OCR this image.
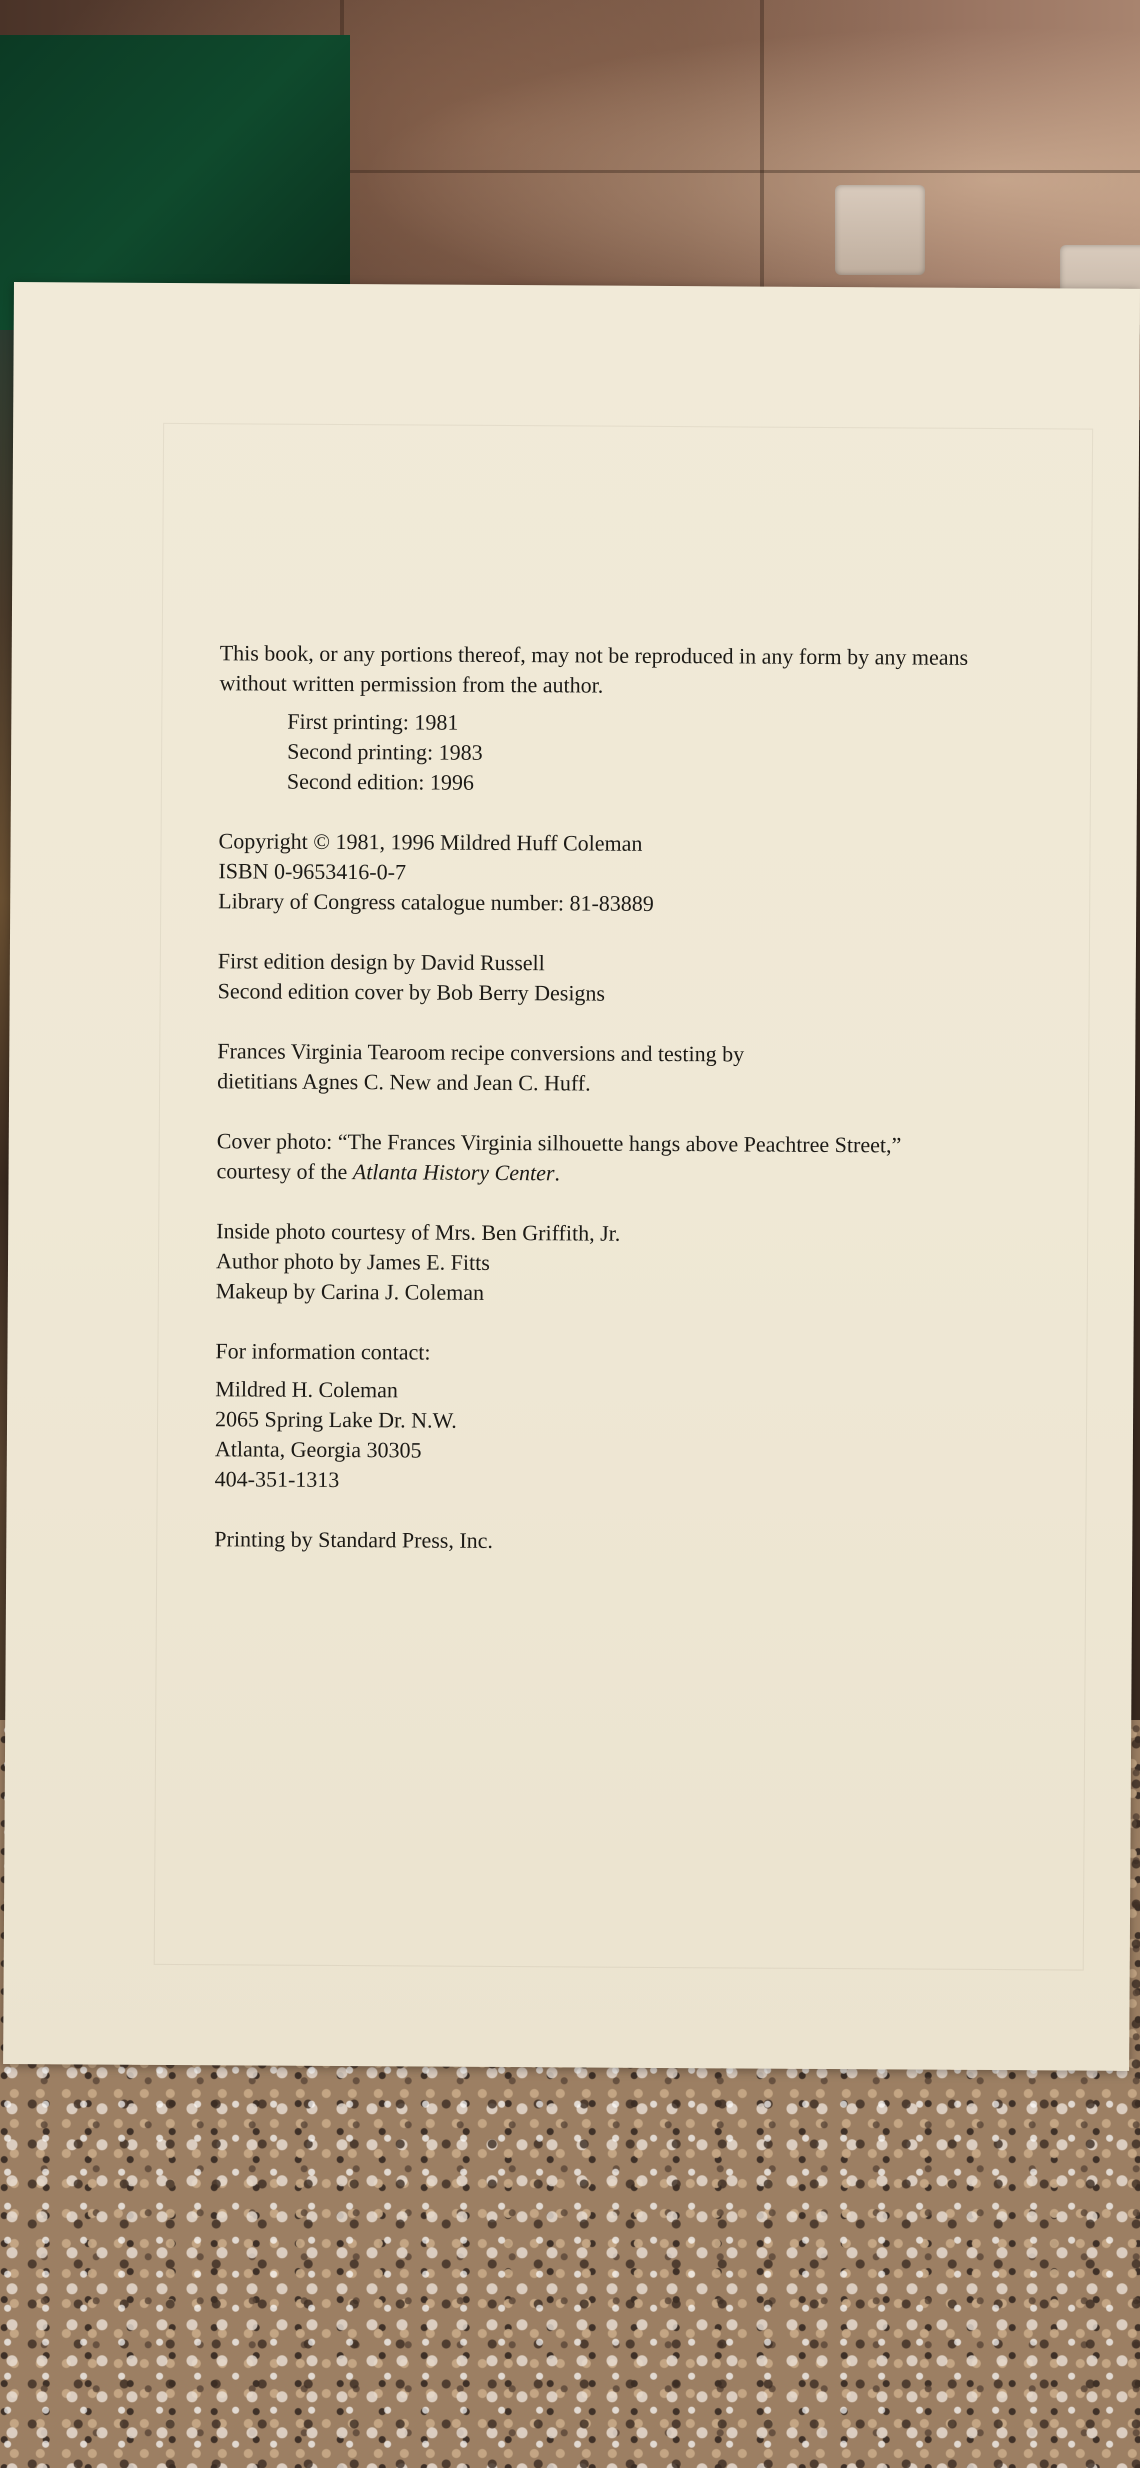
This book, or any portions thereof, may not be reproduced in any form by any means without written permission from the author.

First printing: 1981

Second printing: 1983

Second edition: 1996

Copyright © 1981, 1996 Mildred Huff Coleman

ISBN 0-9653416-0-7

Library of Congress catalogue number: 81-83889

First edition design by David Russell

Second edition cover by Bob Berry Designs

Frances Virginia Tearoom recipe conversions and testing by

dietitians Agnes C. New and Jean C. Huff.

Cover photo: “The Frances Virginia silhouette hangs above Peachtree Street,”

courtesy of the Atlanta History Center.

Inside photo courtesy of Mrs. Ben Griffith, Jr.

Author photo by James E. Fitts

Makeup by Carina J. Coleman

For information contact:

Mildred H. Coleman

2065 Spring Lake Dr. N.W.

Atlanta, Georgia 30305

404-351-1313

Printing by Standard Press, Inc.
